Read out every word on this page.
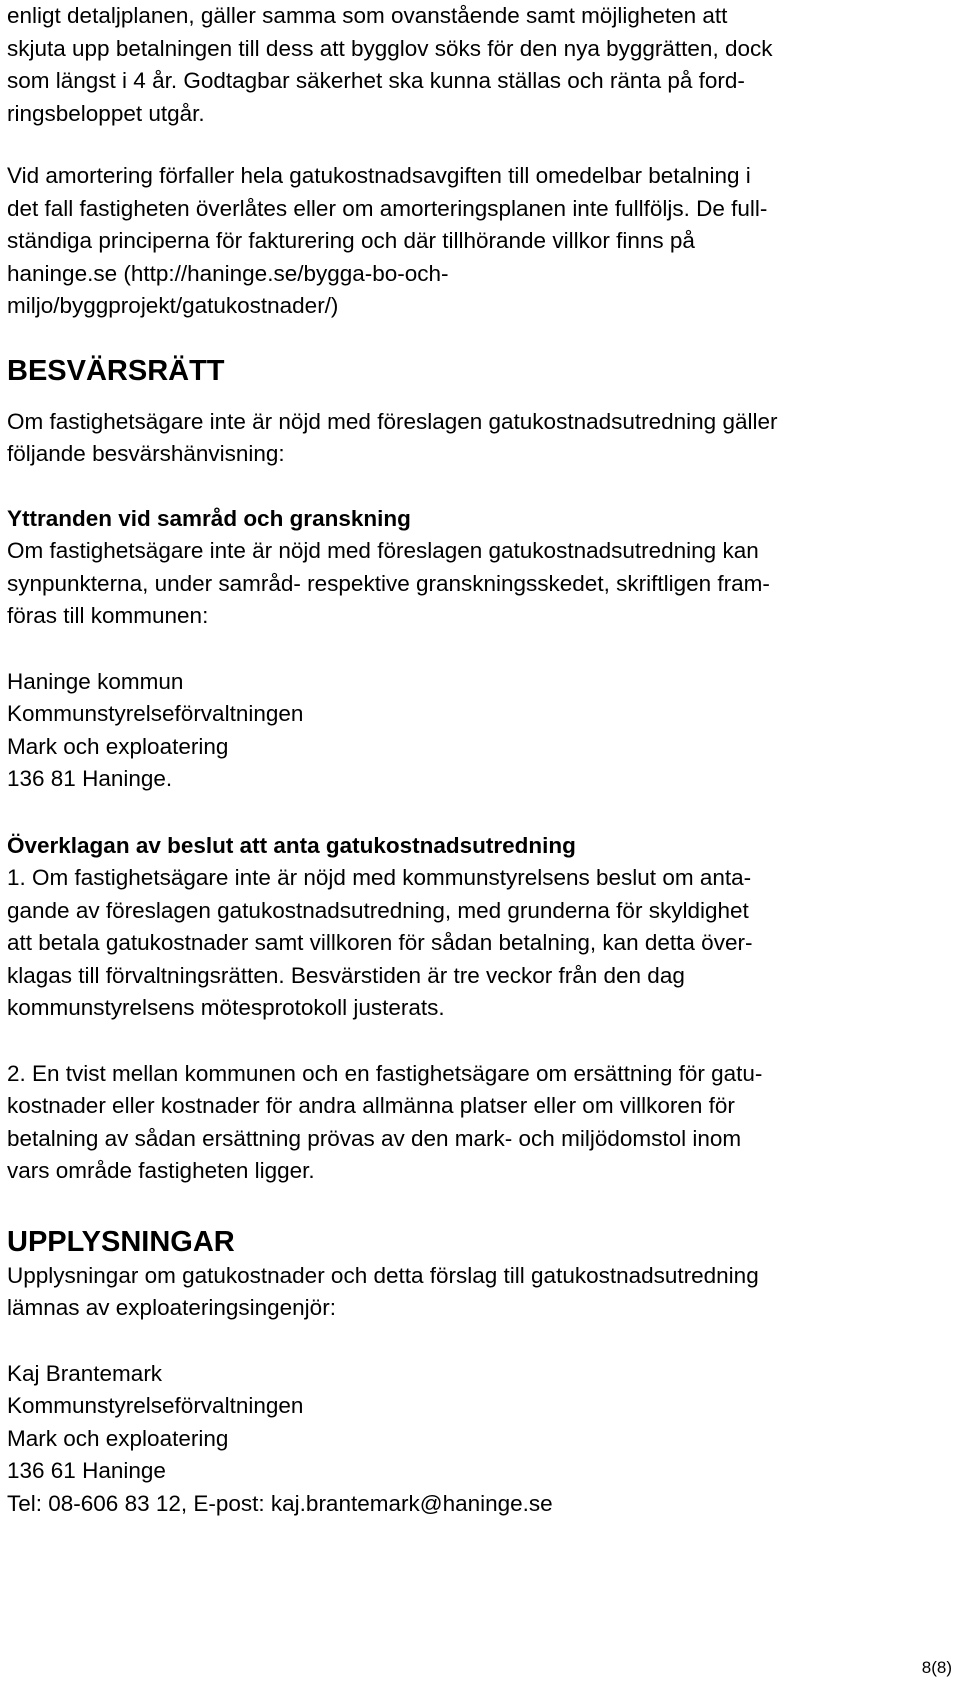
enligt detaljplanen, gäller samma som ovanstående samt möjligheten att
skjuta upp betalningen till dess att bygglov söks för den nya byggrätten, dock
som längst i 4 år. Godtagbar säkerhet ska kunna ställas och ränta på ford-
ringsbeloppet utgår.

Vid amortering förfaller hela gatukostnadsavgiften till omedelbar betalning i
det fall fastigheten överlåtes eller om amorteringsplanen inte fullföljs. De full-
ständiga principerna för fakturering och där tillhörande villkor finns på
haninge.se (http://haninge.se/bygga-bo-och-
miljo/byggprojekt/gatukostnader/)

BESVÄRSRÄTT

Om fastighetsägare inte är nöjd med föreslagen gatukostnadsutredning gäller
följande besvärshänvisning:

Yttranden vid samråd och granskning

Om fastighetsägare inte är nöjd med föreslagen gatukostnadsutredning kan
synpunkterna, under samråd- respektive granskningsskedet, skriftligen fram-
föras till kommunen:

Haninge kommun
Kommunstyrelseförvaltningen
Mark och exploatering
136 81 Haninge.

Överklagan av beslut att anta gatukostnadsutredning

1. Om fastighetsägare inte är nöjd med kommunstyrelsens beslut om anta-
gande av föreslagen gatukostnadsutredning, med grunderna för skyldighet
att betala gatukostnader samt villkoren för sådan betalning, kan detta över-
klagas till förvaltningsrätten. Besvärstiden är tre veckor från den dag
kommunstyrelsens mötesprotokoll justerats.

2. En tvist mellan kommunen och en fastighetsägare om ersättning för gatu-
kostnader eller kostnader för andra allmänna platser eller om villkoren för
betalning av sådan ersättning prövas av den mark- och miljödomstol inom
vars område fastigheten ligger.

UPPLYSNINGAR

Upplysningar om gatukostnader och detta förslag till gatukostnadsutredning
lämnas av exploateringsingenjör:

Kaj Brantemark
Kommunstyrelseförvaltningen
Mark och exploatering
136 61 Haninge
Tel: 08-606 83 12, E-post: kaj.brantemark@haninge.se

8(8)
